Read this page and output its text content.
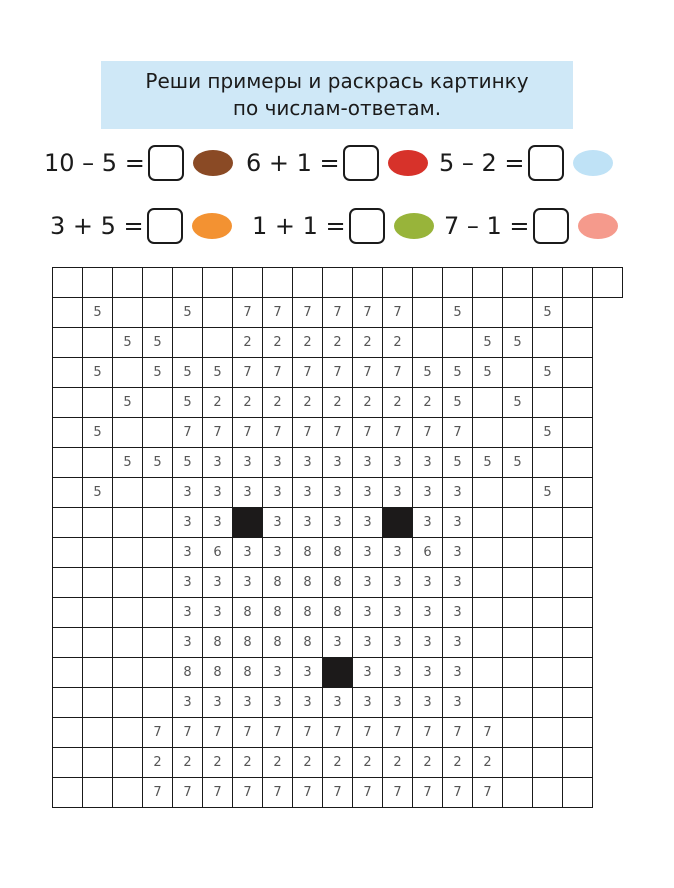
Реши примеры и раскрась картинку
по числам-ответам.
10 – 5 =	6 + 1 =	5 – 2 =
3 + 5 =	1 + 1 =	7 – 1 =

	5			5		7	7	7	7	7	7		5			5		
		5	5			2	2	2	2	2	2			5	5			
	5		5	5	5	7	7	7	7	7	7	5	5	5		5		
		5		5	2	2	2	2	2	2	2	2	5		5			
	5			7	7	7	7	7	7	7	7	7	7			5		
		5	5	5	3	3	3	3	3	3	3	3	5	5	5			
	5			3	3	3	3	3	3	3	3	3	3			5		
				3	3		3	3	3	3		3	3					
				3	6	3	3	8	8	3	3	6	3					
				3	3	3	8	8	8	3	3	3	3					
				3	3	8	8	8	8	3	3	3	3					
				3	8	8	8	8	3	3	3	3	3					
				8	8	8	3	3		3	3	3	3					
				3	3	3	3	3	3	3	3	3	3					
			7	7	7	7	7	7	7	7	7	7	7	7				
			2	2	2	2	2	2	2	2	2	2	2	2				
			7	7	7	7	7	7	7	7	7	7	7	7				
